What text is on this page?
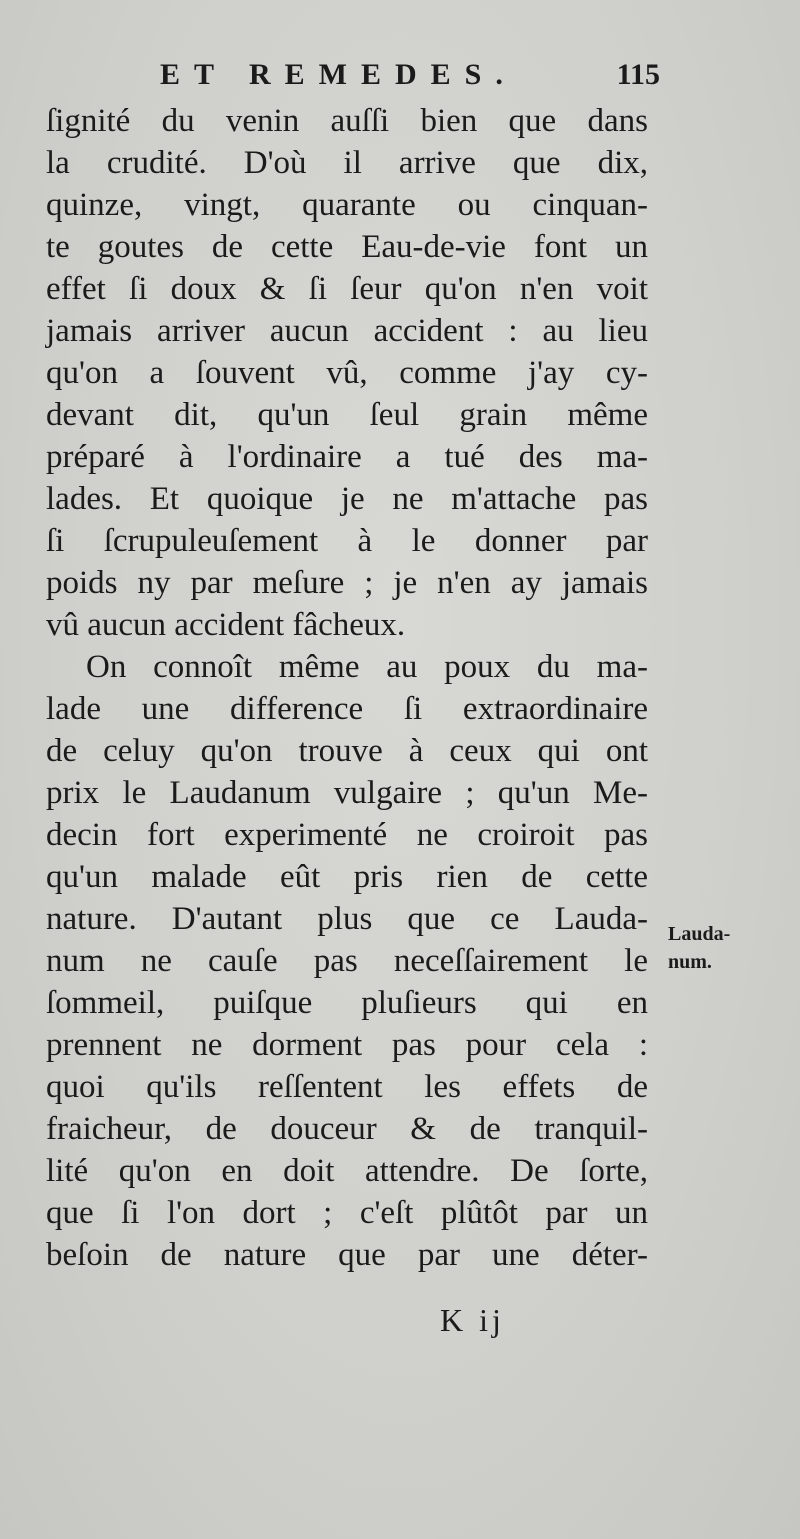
ET REMEDES.	115
ſignité du venin auſſi bien que dans
la crudité. D'où il arrive que dix,
quinze, vingt, quarante ou cinquan-
te goutes de cette Eau-de-vie font un
effet ſi doux & ſi ſeur qu'on n'en voit
jamais arriver aucun accident : au lieu
qu'on a ſouvent vû, comme j'ay cy-
devant dit, qu'un ſeul grain même
préparé à l'ordinaire a tué des ma-
lades. Et quoique je ne m'attache pas
ſi ſcrupuleuſement à le donner par
poids ny par meſure ; je n'en ay jamais
vû aucun accident fâcheux.
On connoît même au poux du ma-
lade une difference ſi extraordinaire
de celuy qu'on trouve à ceux qui ont
prix le Laudanum vulgaire ; qu'un Me-
decin fort experimenté ne croiroit pas
qu'un malade eût pris rien de cette
nature. D'autant plus que ce Lauda-
num ne cauſe pas neceſſairement le
ſommeil, puiſque pluſieurs qui en
prennent ne dorment pas pour cela :
quoi qu'ils reſſentent les effets de
fraicheur, de douceur & de tranquil-
lité qu'on en doit attendre. De ſorte,
que ſi l'on dort ; c'eſt plûtôt par un
beſoin de nature que par une déter-
Lauda-
num.
K ij
